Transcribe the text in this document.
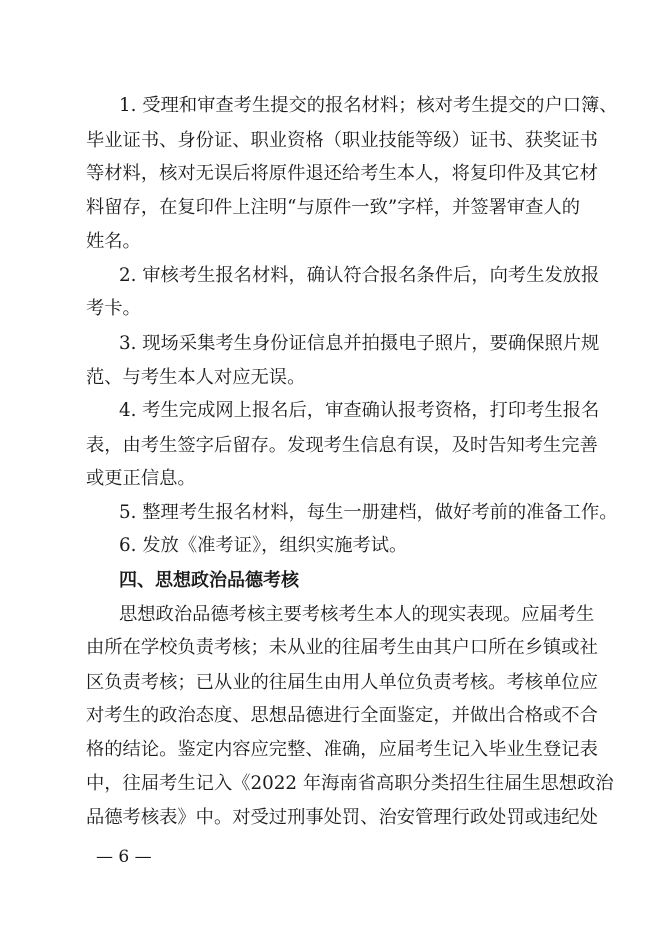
1. 受理和审查考生提交的报名材料；核对考生提交的户口簿、
毕业证书、身份证、职业资格（职业技能等级）证书、获奖证书
等材料，核对无误后将原件退还给考生本人，将复印件及其它材
料留存，在复印件上注明“与原件一致”字样，并签署审查人的
姓名。
2. 审核考生报名材料，确认符合报名条件后，向考生发放报
考卡。
3. 现场采集考生身份证信息并拍摄电子照片，要确保照片规
范、与考生本人对应无误。
4. 考生完成网上报名后，审查确认报考资格，打印考生报名
表，由考生签字后留存。发现考生信息有误，及时告知考生完善
或更正信息。
5. 整理考生报名材料，每生一册建档，做好考前的准备工作。
6. 发放《准考证》，组织实施考试。
四、思想政治品德考核
思想政治品德考核主要考核考生本人的现实表现。应届考生
由所在学校负责考核；未从业的往届考生由其户口所在乡镇或社
区负责考核；已从业的往届生由用人单位负责考核。考核单位应
对考生的政治态度、思想品德进行全面鉴定，并做出合格或不合
格的结论。鉴定内容应完整、准确，应届考生记入毕业生登记表
中，往届考生记入《2022 年海南省高职分类招生往届生思想政治
品德考核表》中。对受过刑事处罚、治安管理行政处罚或违纪处
— 6 —
